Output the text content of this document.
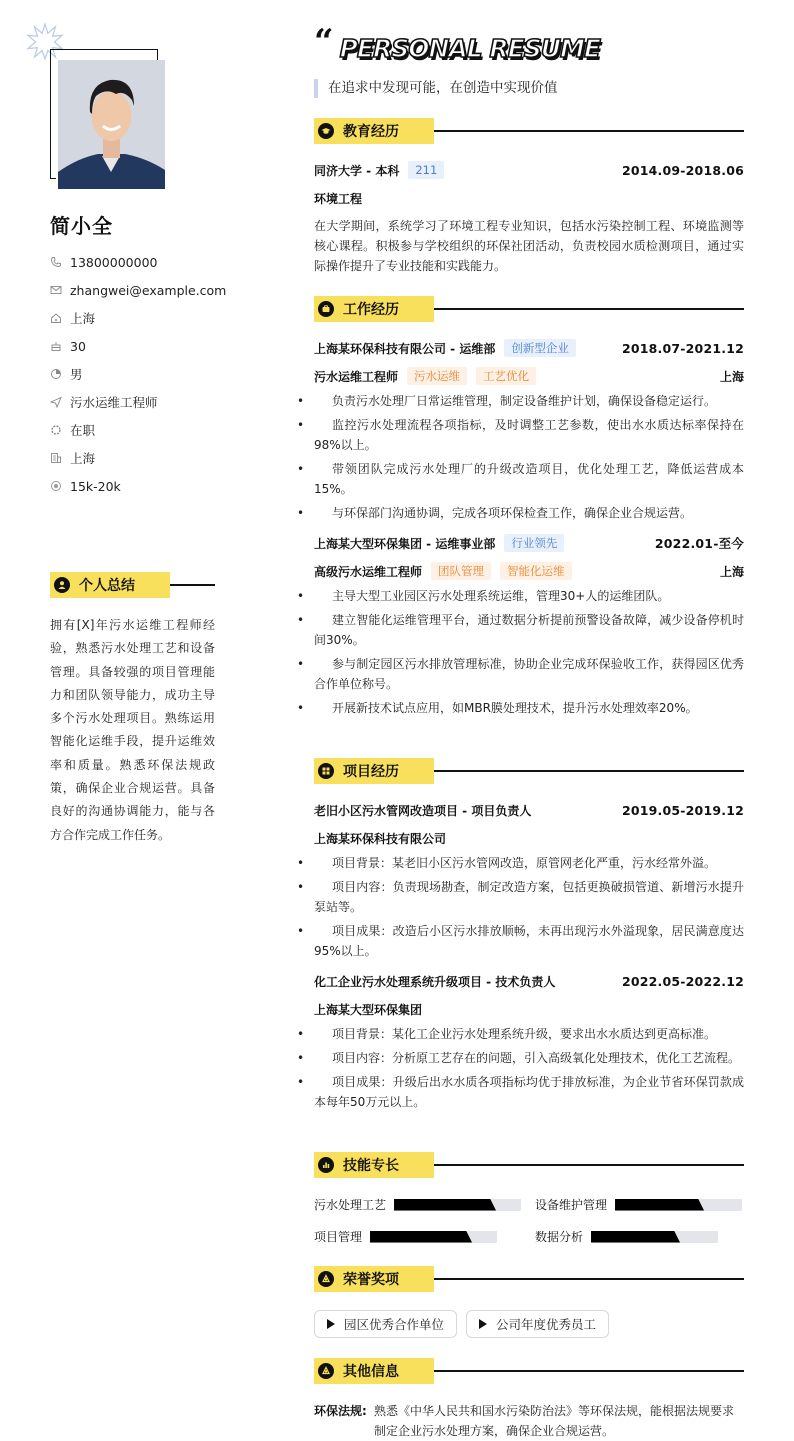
简小全
13800000000
zhangwei@example.com
上海
30
男
污水运维工程师
在职
上海
15k-20k
个人总结
拥有[X]年污水运维工程师经验，熟悉污水处理工艺和设备管理。具备较强的项目管理能力和团队领导能力，成功主导多个污水处理项目。熟练运用智能化运维手段，提升运维效率和质量。熟悉环保法规政策，确保企业合规运营。具备良好的沟通协调能力，能与各方合作完成工作任务。
“ PERSONAL RESUME
在追求中发现可能，在创造中实现价值
教育经历
同济大学 - 本科	211	2014.09-2018.06
环境工程
在大学期间，系统学习了环境工程专业知识，包括水污染控制工程、环境监测等核心课程。积极参与学校组织的环保社团活动，负责校园水质检测项目，通过实际操作提升了专业技能和实践能力。
工作经历
上海某环保科技有限公司 - 运维部	创新型企业	2018.07-2021.12
污水运维工程师	污水运维	工艺优化	上海
• 负责污水处理厂日常运维管理，制定设备维护计划，确保设备稳定运行。
• 监控污水处理流程各项指标，及时调整工艺参数，使出水水质达标率保持在98%以上。
• 带领团队完成污水处理厂的升级改造项目，优化处理工艺，降低运营成本15%。
• 与环保部门沟通协调，完成各项环保检查工作，确保企业合规运营。
上海某大型环保集团 - 运维事业部	行业领先	2022.01-至今
高级污水运维工程师	团队管理	智能化运维	上海
• 主导大型工业园区污水处理系统运维，管理30+人的运维团队。
• 建立智能化运维管理平台，通过数据分析提前预警设备故障，减少设备停机时间30%。
• 参与制定园区污水排放管理标准，协助企业完成环保验收工作，获得园区优秀合作单位称号。
• 开展新技术试点应用，如MBR膜处理技术，提升污水处理效率20%。
项目经历
老旧小区污水管网改造项目 - 项目负责人	2019.05-2019.12
上海某环保科技有限公司
• 项目背景：某老旧小区污水管网改造，原管网老化严重，污水经常外溢。
• 项目内容：负责现场勘查，制定改造方案，包括更换破损管道、新增污水提升泵站等。
• 项目成果：改造后小区污水排放顺畅，未再出现污水外溢现象，居民满意度达95%以上。
化工企业污水处理系统升级项目 - 技术负责人	2022.05-2022.12
上海某大型环保集团
• 项目背景：某化工企业污水处理系统升级，要求出水水质达到更高标准。
• 项目内容：分析原工艺存在的问题，引入高级氧化处理技术，优化工艺流程。
• 项目成果：升级后出水水质各项指标均优于排放标准，为企业节省环保罚款成本每年50万元以上。
技能专长
污水处理工艺	设备维护管理
项目管理	数据分析
荣誉奖项
园区优秀合作单位	公司年度优秀员工
其他信息
环保法规: 熟悉《中华人民共和国水污染防治法》等环保法规，能根据法规要求制定企业污水处理方案，确保企业合规运营。
